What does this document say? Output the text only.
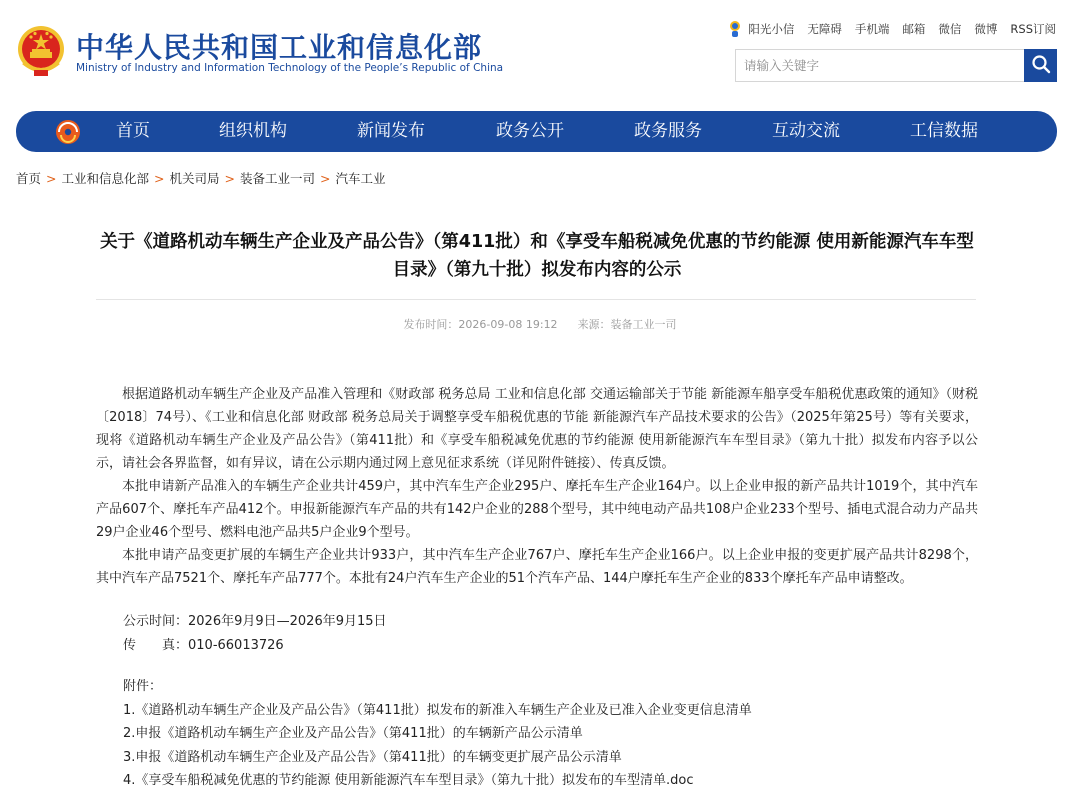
中华人民共和国工业和信息化部
Ministry of Industry and Information Technology of the People’s Republic of China
阳光小信 无障碍 手机端 邮箱 微信 微博 RSS订阅
请输入关键字
首页	组织机构	新闻发布	政务公开	政务服务	互动交流	工信数据
首页 > 工业和信息化部 > 机关司局 > 装备工业一司 > 汽车工业
关于《道路机动车辆生产企业及产品公告》（第411批）和《享受车船税减免优惠的节约能源 使用新能源汽车车型目录》（第九十批）拟发布内容的公示
发布时间：2026-09-08 19:12 来源：装备工业一司

根据道路机动车辆生产企业及产品准入管理和《财政部 税务总局 工业和信息化部 交通运输部关于节能 新能源车船享受车船税优惠政策的通知》（财税〔2018〕74号）、《工业和信息化部 财政部 税务总局关于调整享受车船税优惠的节能 新能源汽车产品技术要求的公告》（2025年第25号）等有关要求，现将《道路机动车辆生产企业及产品公告》（第411批）和《享受车船税减免优惠的节约能源 使用新能源汽车车型目录》（第九十批）拟发布内容予以公示，请社会各界监督，如有异议，请在公示期内通过网上意见征求系统（详见附件链接）、传真反馈。

本批申请新产品准入的车辆生产企业共计459户，其中汽车生产企业295户、摩托车生产企业164户。以上企业申报的新产品共计1019个，其中汽车产品607个、摩托车产品412个。申报新能源汽车产品的共有142户企业的288个型号，其中纯电动产品共108户企业233个型号、插电式混合动力产品共29户企业46个型号、燃料电池产品共5户企业9个型号。

本批申请产品变更扩展的车辆生产企业共计933户，其中汽车生产企业767户、摩托车生产企业166户。以上企业申报的变更扩展产品共计8298个，其中汽车产品7521个、摩托车产品777个。本批有24户汽车生产企业的51个汽车产品、144户摩托车生产企业的833个摩托车产品申请整改。

公示时间：2026年9月9日—2026年9月15日
传　　真：010-66013726
附件：
1.《道路机动车辆生产企业及产品公告》（第411批）拟发布的新准入车辆生产企业及已准入企业变更信息清单
2.申报《道路机动车辆生产企业及产品公告》（第411批）的车辆新产品公示清单
3.申报《道路机动车辆生产企业及产品公告》（第411批）的车辆变更扩展产品公示清单
4.《享受车船税减免优惠的节约能源 使用新能源汽车车型目录》（第九十批）拟发布的车型清单.doc
